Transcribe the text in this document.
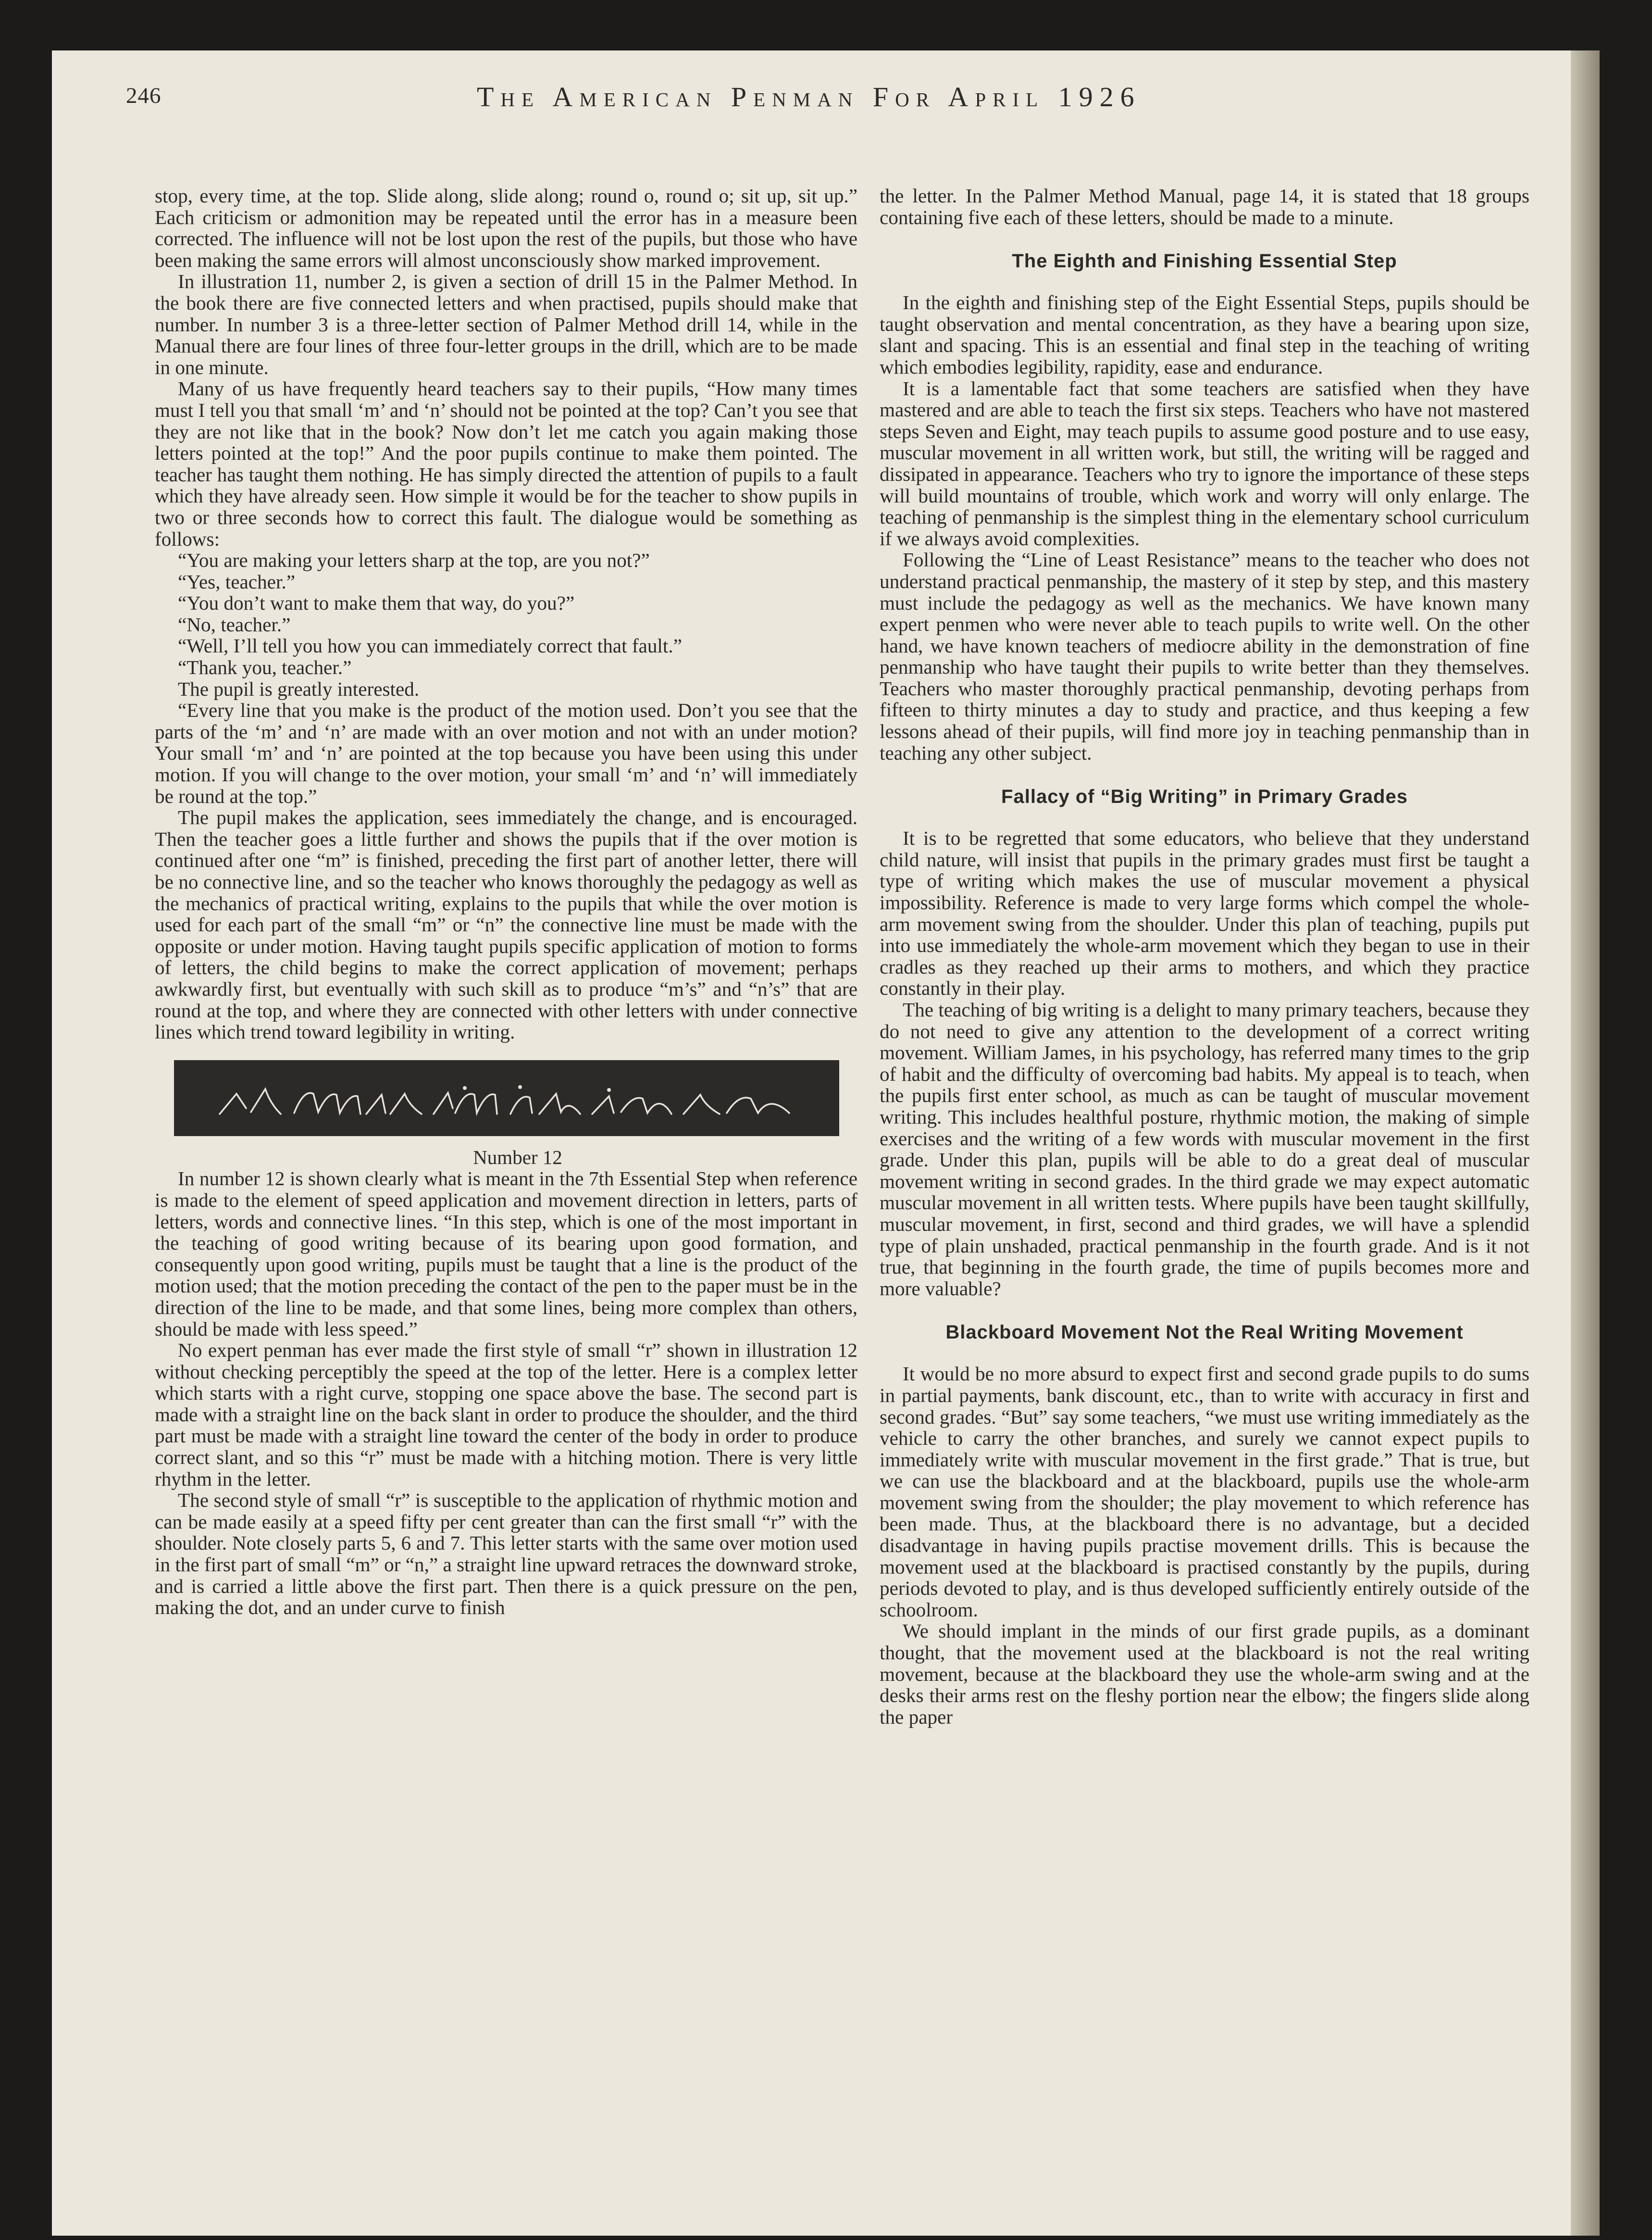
246	The American Penman For April 1926

stop, every time, at the top. Slide along, slide along; round o, round o; sit up, sit up.” Each criticism or admonition may be repeated until the error has in a measure been corrected. The influence will not be lost upon the rest of the pupils, but those who have been making the same errors will almost unconsciously show marked improvement.

In illustration 11, number 2, is given a section of drill 15 in the Palmer Method. In the book there are five connected letters and when practised, pupils should make that number. In number 3 is a three-letter section of Palmer Method drill 14, while in the Manual there are four lines of three four-letter groups in the drill, which are to be made in one minute.

Many of us have frequently heard teachers say to their pupils, “How many times must I tell you that small ‘m’ and ‘n’ should not be pointed at the top? Can’t you see that they are not like that in the book? Now don’t let me catch you again making those letters pointed at the top!” And the poor pupils continue to make them pointed. The teacher has taught them nothing. He has simply directed the attention of pupils to a fault which they have already seen. How simple it would be for the teacher to show pupils in two or three seconds how to correct this fault. The dialogue would be something as follows:

“You are making your letters sharp at the top, are you not?”

“Yes, teacher.”

“You don’t want to make them that way, do you?”

“No, teacher.”

“Well, I’ll tell you how you can immediately correct that fault.”

“Thank you, teacher.”

The pupil is greatly interested.

“Every line that you make is the product of the motion used. Don’t you see that the parts of the ‘m’ and ‘n’ are made with an over motion and not with an under motion? Your small ‘m’ and ‘n’ are pointed at the top because you have been using this under motion. If you will change to the over motion, your small ‘m’ and ‘n’ will immediately be round at the top.”

The pupil makes the application, sees immediately the change, and is encouraged. Then the teacher goes a little further and shows the pupils that if the over motion is continued after one “m” is finished, preceding the first part of another letter, there will be no connective line, and so the teacher who knows thoroughly the pedagogy as well as the mechanics of practical writing, explains to the pupils that while the over motion is used for each part of the small “m” or “n” the connective line must be made with the opposite or under motion. Having taught pupils specific application of motion to forms of letters, the child begins to make the correct application of movement; perhaps awkwardly first, but eventually with such skill as to produce “m’s” and “n’s” that are round at the top, and where they are connected with other letters with under connective lines which trend toward legibility in writing.

Number 12

In number 12 is shown clearly what is meant in the 7th Essential Step when reference is made to the element of speed application and movement direction in letters, parts of letters, words and connective lines. “In this step, which is one of the most important in the teaching of good writing because of its bearing upon good formation, and consequently upon good writing, pupils must be taught that a line is the product of the motion used; that the motion preceding the contact of the pen to the paper must be in the direction of the line to be made, and that some lines, being more complex than others, should be made with less speed.”

No expert penman has ever made the first style of small “r” shown in illustration 12 without checking perceptibly the speed at the top of the letter. Here is a complex letter which starts with a right curve, stopping one space above the base. The second part is made with a straight line on the back slant in order to produce the shoulder, and the third part must be made with a straight line toward the center of the body in order to produce correct slant, and so this “r” must be made with a hitching motion. There is very little rhythm in the letter.

The second style of small “r” is susceptible to the application of rhythmic motion and can be made easily at a speed fifty per cent greater than can the first small “r” with the shoulder. Note closely parts 5, 6 and 7. This letter starts with the same over motion used in the first part of small “m” or “n,” a straight line upward retraces the downward stroke, and is carried a little above the first part. Then there is a quick pressure on the pen, making the dot, and an under curve to finish

the letter. In the Palmer Method Manual, page 14, it is stated that 18 groups containing five each of these letters, should be made to a minute.

The Eighth and Finishing Essential Step

In the eighth and finishing step of the Eight Essential Steps, pupils should be taught observation and mental concentration, as they have a bearing upon size, slant and spacing. This is an essential and final step in the teaching of writing which embodies legibility, rapidity, ease and endurance.

It is a lamentable fact that some teachers are satisfied when they have mastered and are able to teach the first six steps. Teachers who have not mastered steps Seven and Eight, may teach pupils to assume good posture and to use easy, muscular movement in all written work, but still, the writing will be ragged and dissipated in appearance. Teachers who try to ignore the importance of these steps will build mountains of trouble, which work and worry will only enlarge. The teaching of penmanship is the simplest thing in the elementary school curriculum if we always avoid complexities.

Following the “Line of Least Resistance” means to the teacher who does not understand practical penmanship, the mastery of it step by step, and this mastery must include the pedagogy as well as the mechanics. We have known many expert penmen who were never able to teach pupils to write well. On the other hand, we have known teachers of mediocre ability in the demonstration of fine penmanship who have taught their pupils to write better than they themselves. Teachers who master thoroughly practical penmanship, devoting perhaps from fifteen to thirty minutes a day to study and practice, and thus keeping a few lessons ahead of their pupils, will find more joy in teaching penmanship than in teaching any other subject.

Fallacy of “Big Writing” in Primary Grades

It is to be regretted that some educators, who believe that they understand child nature, will insist that pupils in the primary grades must first be taught a type of writing which makes the use of muscular movement a physical impossibility. Reference is made to very large forms which compel the whole-arm movement swing from the shoulder. Under this plan of teaching, pupils put into use immediately the whole-arm movement which they began to use in their cradles as they reached up their arms to mothers, and which they practice constantly in their play.

The teaching of big writing is a delight to many primary teachers, because they do not need to give any attention to the development of a correct writing movement. William James, in his psychology, has referred many times to the grip of habit and the difficulty of overcoming bad habits. My appeal is to teach, when the pupils first enter school, as much as can be taught of muscular movement writing. This includes healthful posture, rhythmic motion, the making of simple exercises and the writing of a few words with muscular movement in the first grade. Under this plan, pupils will be able to do a great deal of muscular movement writing in second grades. In the third grade we may expect automatic muscular movement in all written tests. Where pupils have been taught skillfully, muscular movement, in first, second and third grades, we will have a splendid type of plain unshaded, practical penmanship in the fourth grade. And is it not true, that beginning in the fourth grade, the time of pupils becomes more and more valuable?

Blackboard Movement Not the Real Writing Movement

It would be no more absurd to expect first and second grade pupils to do sums in partial payments, bank discount, etc., than to write with accuracy in first and second grades. “But” say some teachers, “we must use writing immediately as the vehicle to carry the other branches, and surely we cannot expect pupils to immediately write with muscular movement in the first grade.” That is true, but we can use the blackboard and at the blackboard, pupils use the whole-arm movement swing from the shoulder; the play movement to which reference has been made. Thus, at the blackboard there is no advantage, but a decided disadvantage in having pupils practise movement drills. This is because the movement used at the blackboard is practised constantly by the pupils, during periods devoted to play, and is thus developed sufficiently entirely outside of the schoolroom.

We should implant in the minds of our first grade pupils, as a dominant thought, that the movement used at the blackboard is not the real writing movement, because at the blackboard they use the whole-arm swing and at the desks their arms rest on the fleshy portion near the elbow; the fingers slide along the paper
